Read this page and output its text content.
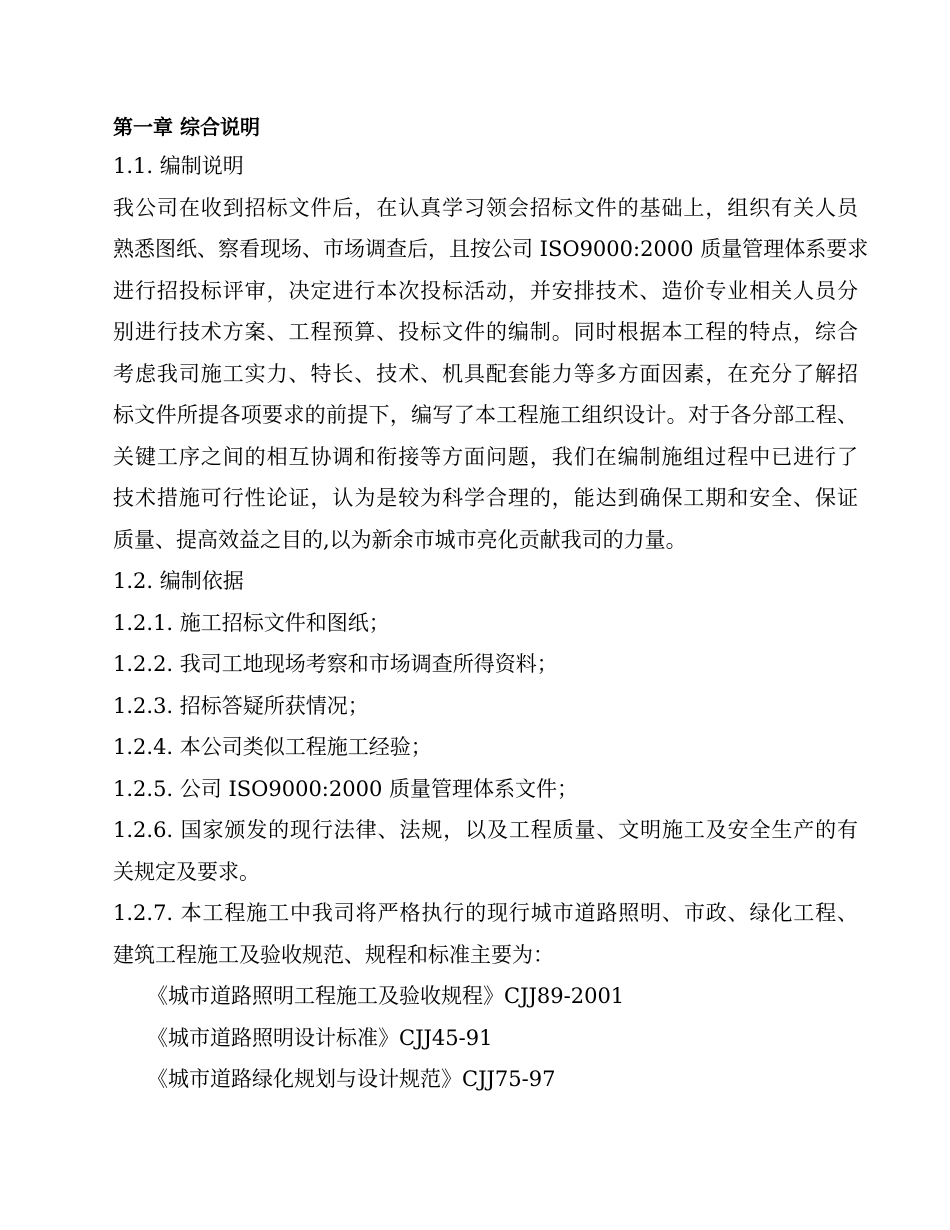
第一章 综合说明

1.1. 编制说明

我公司在收到招标文件后，在认真学习领会招标文件的基础上，组织有关人员

熟悉图纸、察看现场、市场调查后，且按公司 ISO9000:2000 质量管理体系要求

进行招投标评审，决定进行本次投标活动，并安排技术、造价专业相关人员分

别进行技术方案、工程预算、投标文件的编制。同时根据本工程的特点，综合

考虑我司施工实力、特长、技术、机具配套能力等多方面因素，在充分了解招

标文件所提各项要求的前提下，编写了本工程施工组织设计。对于各分部工程、

关键工序之间的相互协调和衔接等方面问题，我们在编制施组过程中已进行了

技术措施可行性论证，认为是较为科学合理的，能达到确保工期和安全、保证

质量、提高效益之目的,以为新余市城市亮化贡献我司的力量。

1.2. 编制依据

1.2.1. 施工招标文件和图纸；

1.2.2. 我司工地现场考察和市场调查所得资料；

1.2.3. 招标答疑所获情况；

1.2.4. 本公司类似工程施工经验；

1.2.5. 公司 ISO9000:2000 质量管理体系文件；

1.2.6. 国家颁发的现行法律、法规，以及工程质量、文明施工及安全生产的有

关规定及要求。

1.2.7. 本工程施工中我司将严格执行的现行城市道路照明、市政、绿化工程、

建筑工程施工及验收规范、规程和标准主要为：

《城市道路照明工程施工及验收规程》CJJ89-2001

《城市道路照明设计标准》CJJ45-91

《城市道路绿化规划与设计规范》CJJ75-97
